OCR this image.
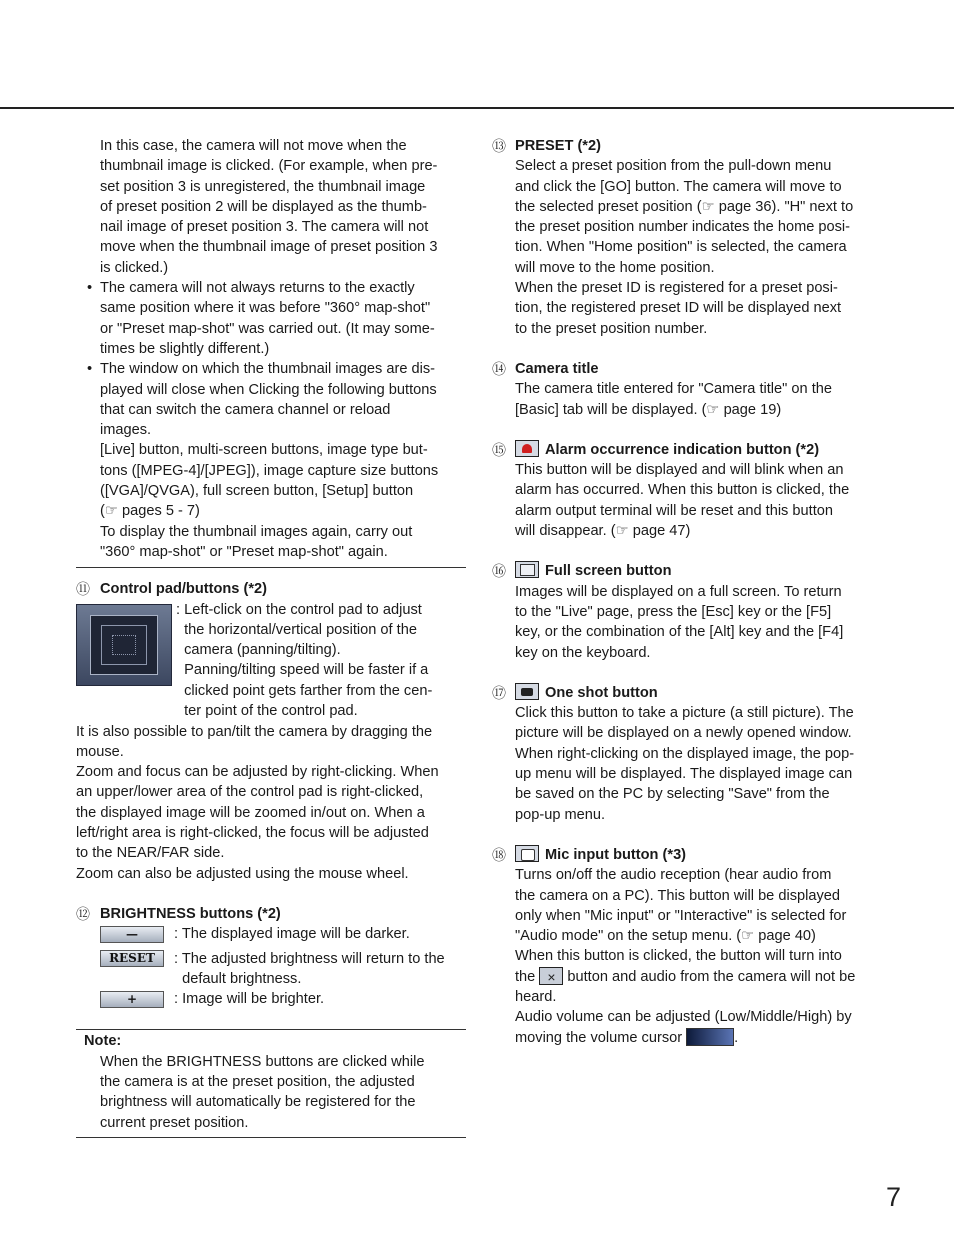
In this case, the camera will not move when the
thumbnail image is clicked. (For example, when pre-
set position 3 is unregistered, the thumbnail image
of preset position 2 will be displayed as the thumb-
nail image of preset position 3. The camera will not
move when the thumbnail image of preset position 3
is clicked.)
• The camera will not always returns to the exactly
same position where it was before "360° map-shot"
or "Preset map-shot" was carried out. (It may some-
times be slightly different.)
• The window on which the thumbnail images are dis-
played will close when Clicking the following buttons
that can switch the camera channel or reload
images.
[Live] button, multi-screen buttons, image type but-
tons ([MPEG-4]/[JPEG]), image capture size buttons
([VGA]/QVGA), full screen button, [Setup] button
(☞ pages 5 - 7)
To display the thumbnail images again, carry out
"360° map-shot" or "Preset map-shot" again.
⑪ Control pad/buttons (*2)
: Left-click on the control pad to adjust
the horizontal/vertical position of the
camera (panning/tilting).
Panning/tilting speed will be faster if a
clicked point gets farther from the cen-
ter point of the control pad.
It is also possible to pan/tilt the camera by dragging the
mouse.
Zoom and focus can be adjusted by right-clicking. When
an upper/lower area of the control pad is right-clicked,
the displayed image will be zoomed in/out on. When a
left/right area is right-clicked, the focus will be adjusted
to the NEAR/FAR side.
Zoom can also be adjusted using the mouse wheel.
⑫ BRIGHTNESS buttons (*2)
— : The displayed image will be darker.
RESET : The adjusted brightness will return to the
default brightness.
+	: Image will be brighter.
Note:
When the BRIGHTNESS buttons are clicked while
the camera is at the preset position, the adjusted
brightness will automatically be registered for the
current preset position.
⑬ PRESET (*2)
Select a preset position from the pull-down menu
and click the [GO] button. The camera will move to
the selected preset position (☞ page 36). "H" next to
the preset position number indicates the home posi-
tion. When "Home position" is selected, the camera
will move to the home position.
When the preset ID is registered for a preset posi-
tion, the registered preset ID will be displayed next
to the preset position number.
⑭ Camera title
The camera title entered for "Camera title" on the
[Basic] tab will be displayed. (☞ page 19)
⑮	Alarm occurrence indication button (*2)
This button will be displayed and will blink when an
alarm has occurred. When this button is clicked, the
alarm output terminal will be reset and this button
will disappear. (☞ page 47)
⑯	Full screen button
Images will be displayed on a full screen. To return
to the "Live" page, press the [Esc] key or the [F5]
key, or the combination of the [Alt] key and the [F4]
key on the keyboard.
⑰	One shot button
Click this button to take a picture (a still picture). The
picture will be displayed on a newly opened window.
When right-clicking on the displayed image, the pop-
up menu will be displayed. The displayed image can
be saved on the PC by selecting "Save" from the
pop-up menu.
⑱	Mic input button (*3)
Turns on/off the audio reception (hear audio from
the camera on a PC). This button will be displayed
only when "Mic input" or "Interactive" is selected for
"Audio mode" on the setup menu. (☞ page 40)
When this button is clicked, the button will turn into
the × button and audio from the camera will not be
heard.
Audio volume can be adjusted (Low/Middle/High) by
moving the volume cursor	.
7
